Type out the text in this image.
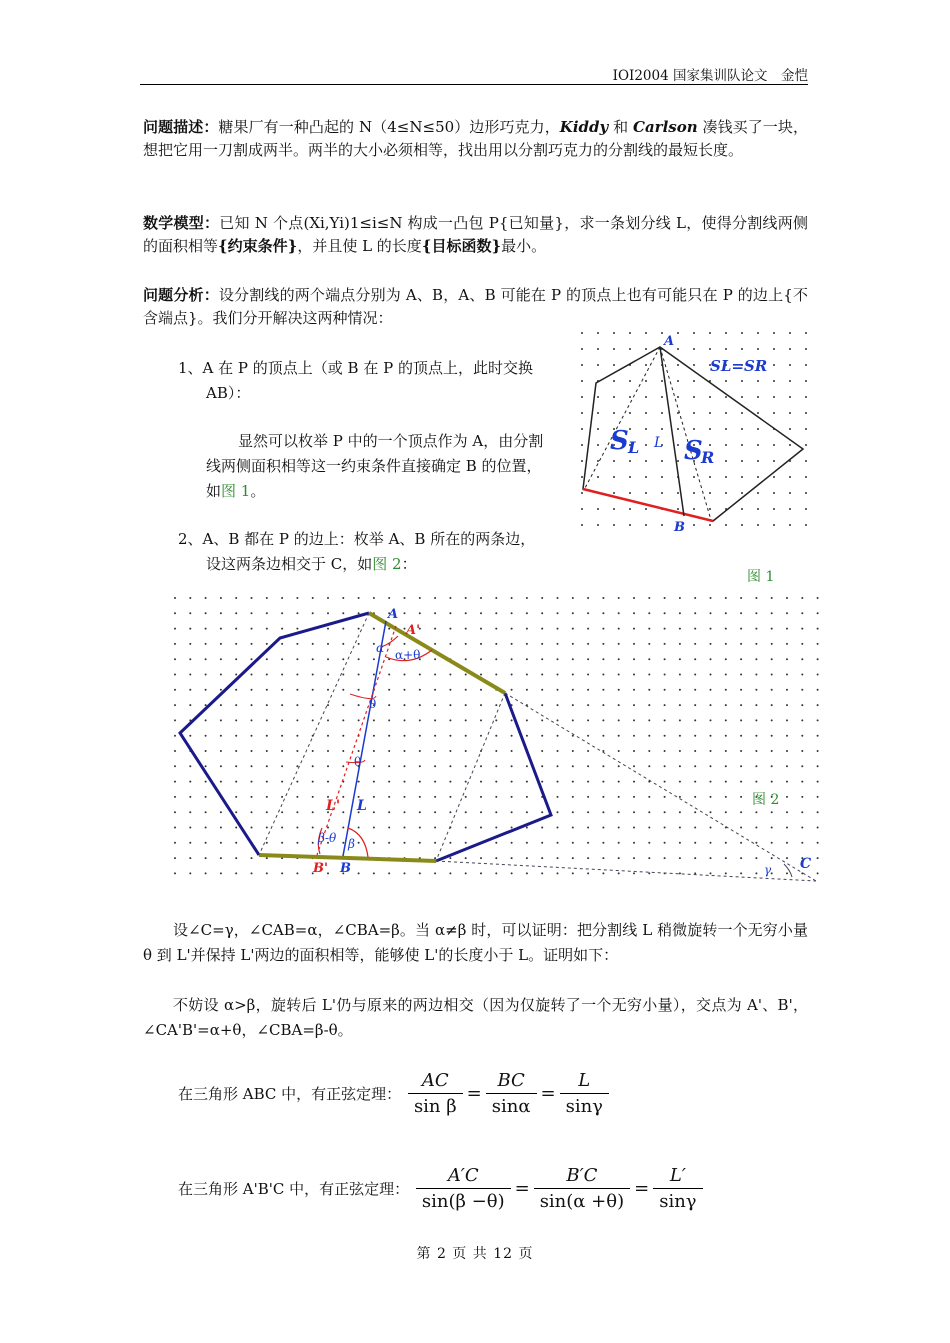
IOI2004 国家集训队论文　金恺
问题描述：糖果厂有一种凸起的 N（4≤N≤50）边形巧克力，Kiddy 和 Carlson 凑钱买了一块，想把它用一刀割成两半。两半的大小必须相等，找出用以分割巧克力的分割线的最短长度。
数学模型：已知 N 个点(Xi,Yi)1≤i≤N 构成一凸包 P{已知量}，求一条划分线 L，使得分割线两侧的面积相等{约束条件}，并且使 L 的长度{目标函数}最小。
问题分析：设分割线的两个端点分别为 A、B，A、B 可能在 P 的顶点上也有可能只在 P 的边上{不含端点}。我们分开解决这两种情况：
1、A 在 P 的顶点上（或 B 在 P 的顶点上，此时交换
AB）：
显然可以枚举 P 中的一个顶点作为 A，由分割
线两侧面积相等这一约束条件直接确定 B 的位置，
如图 1。
2、A、B 都在 P 的边上：枚举 A、B 所在的两条边，
设这两条边相交于 C，如图 2：
A
B
L
S L S
R
SL=SR
图 1
A
A'
α α+θ
θ
θ
L' L
β-θ β
B' B	C
γ
图 2
设∠C=γ，∠CAB=α，∠CBA=β。当 α≠β 时，可以证明：把分割线 L 稍微旋转一个无穷小量 θ 到 L'并保持 L'两边的面积相等，能够使 L'的长度小于 L。证明如下：
不妨设 α>β，旋转后 L'仍与原来的两边相交（因为仅旋转了一个无穷小量），交点为 A'、B'，∠CA'B'=α+θ，∠CBA=β-θ。
在三角形 ABC 中，有正弦定理： $\frac{AC}{\text{sin β}} = \frac{BC}{\sin\alpha} = \frac{L}{\sin\gamma}$
在三角形 A'B'C 中，有正弦定理： $\frac{A'C}{\sin(\beta -\theta)} = \frac{B'C}{\sin(\alpha +\theta)} = \frac{L'}{\sin\gamma}$
第 2 页 共 12 页
